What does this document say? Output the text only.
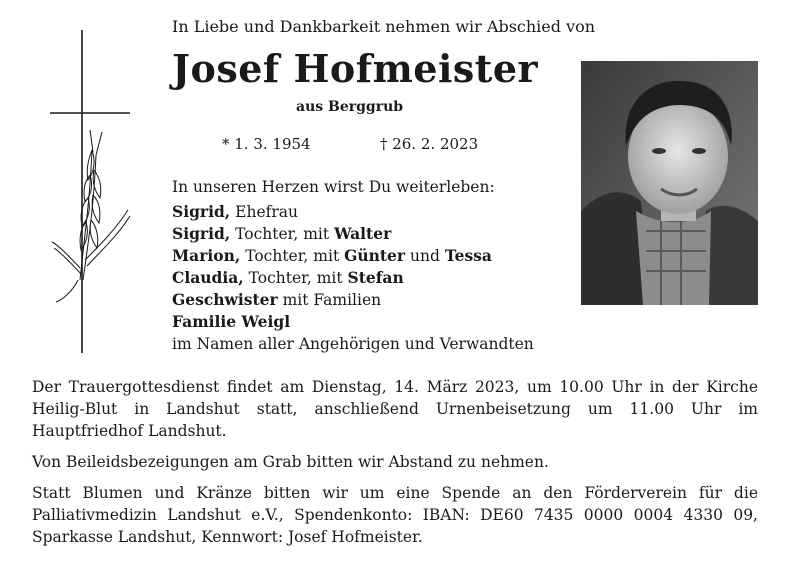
In Liebe und Dankbarkeit nehmen wir Abschied von
Josef Hofmeister
aus Berggrub
* 1. 3. 1954	† 26. 2. 2023
In unseren Herzen wirst Du weiterleben:
Sigrid, Ehefrau
Sigrid, Tochter, mit Walter
Marion, Tochter, mit Günter und Tessa
Claudia, Tochter, mit Stefan
Geschwister mit Familien
Familie Weigl
im Namen aller Angehörigen und Verwandten
Der Trauergottesdienst findet am Dienstag, 14. März 2023, um 10.00 Uhr in der Kirche Heilig-Blut in Landshut statt, anschließend Urnenbeisetzung um 11.00 Uhr im Hauptfriedhof Landshut.
Von Beileidsbezeigungen am Grab bitten wir Abstand zu nehmen.
Statt Blumen und Kränze bitten wir um eine Spende an den Förderverein für die Palliativmedizin Landshut e.V., Spendenkonto: IBAN: DE60 7435 0000 0004 4330 09, Sparkasse Landshut, Kennwort: Josef Hofmeister.
